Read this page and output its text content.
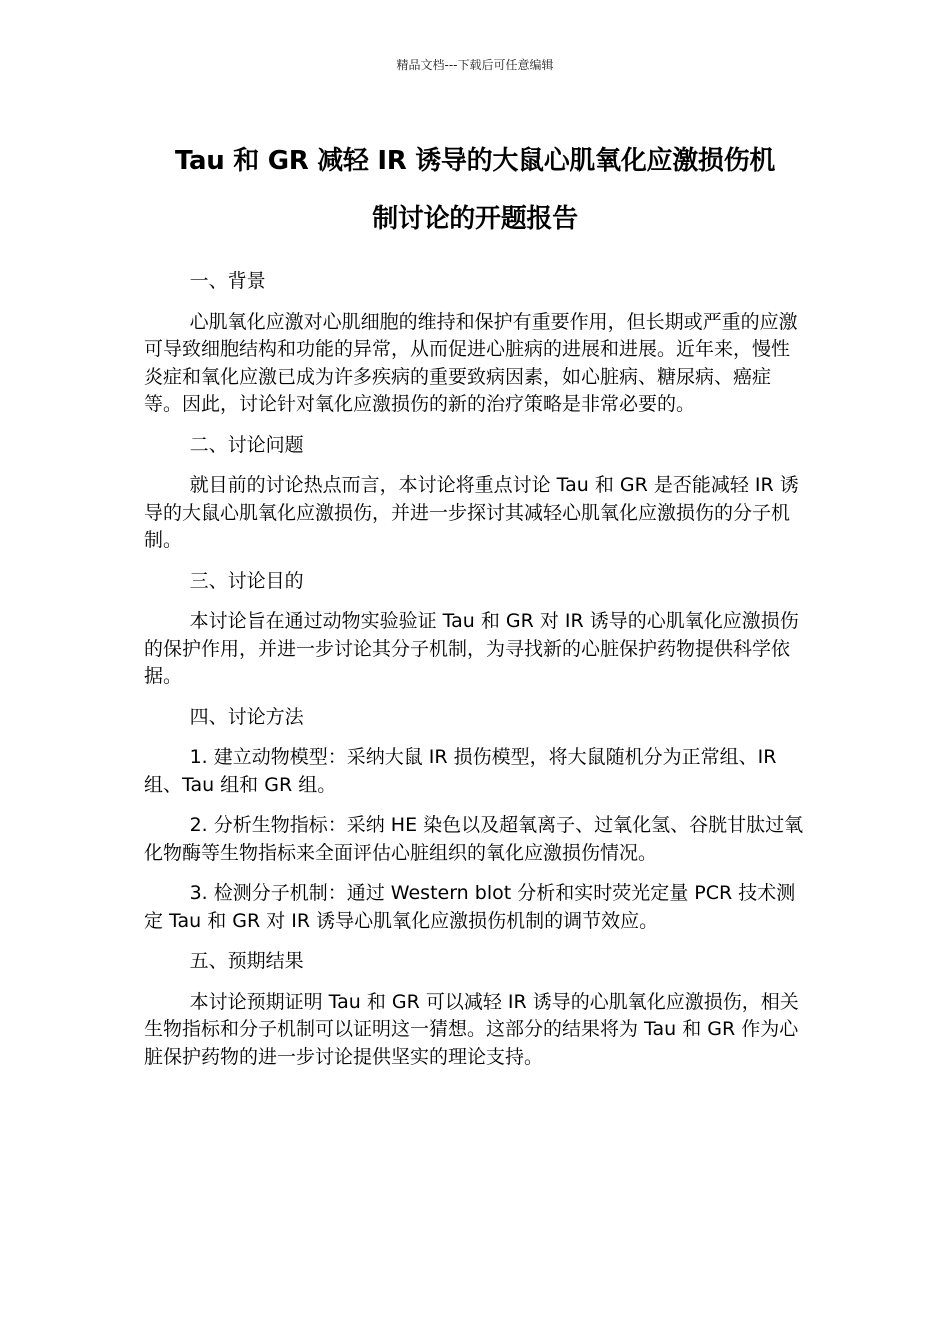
精品文档---下载后可任意编辑
Tau 和 GR 减轻 IR 诱导的大鼠心肌氧化应激损伤机
制讨论的开题报告

一、背景

心肌氧化应激对心肌细胞的维持和保护有重要作用，但长期或严重的应激可导致细胞结构和功能的异常，从而促进心脏病的进展和进展。近年来，慢性炎症和氧化应激已成为许多疾病的重要致病因素，如心脏病、糖尿病、癌症等。因此，讨论针对氧化应激损伤的新的治疗策略是非常必要的。

二、讨论问题

就目前的讨论热点而言，本讨论将重点讨论 Tau 和 GR 是否能减轻 IR 诱导的大鼠心肌氧化应激损伤，并进一步探讨其减轻心肌氧化应激损伤的分子机制。

三、讨论目的

本讨论旨在通过动物实验验证 Tau 和 GR 对 IR 诱导的心肌氧化应激损伤的保护作用，并进一步讨论其分子机制，为寻找新的心脏保护药物提供科学依据。

四、讨论方法

1. 建立动物模型：采纳大鼠 IR 损伤模型，将大鼠随机分为正常组、IR 组、Tau 组和 GR 组。

2. 分析生物指标：采纳 HE 染色以及超氧离子、过氧化氢、谷胱甘肽过氧化物酶等生物指标来全面评估心脏组织的氧化应激损伤情况。

3. 检测分子机制：通过 Western blot 分析和实时荧光定量 PCR 技术测定 Tau 和 GR 对 IR 诱导心肌氧化应激损伤机制的调节效应。

五、预期结果

本讨论预期证明 Tau 和 GR 可以减轻 IR 诱导的心肌氧化应激损伤，相关生物指标和分子机制可以证明这一猜想。这部分的结果将为 Tau 和 GR 作为心脏保护药物的进一步讨论提供坚实的理论支持。
